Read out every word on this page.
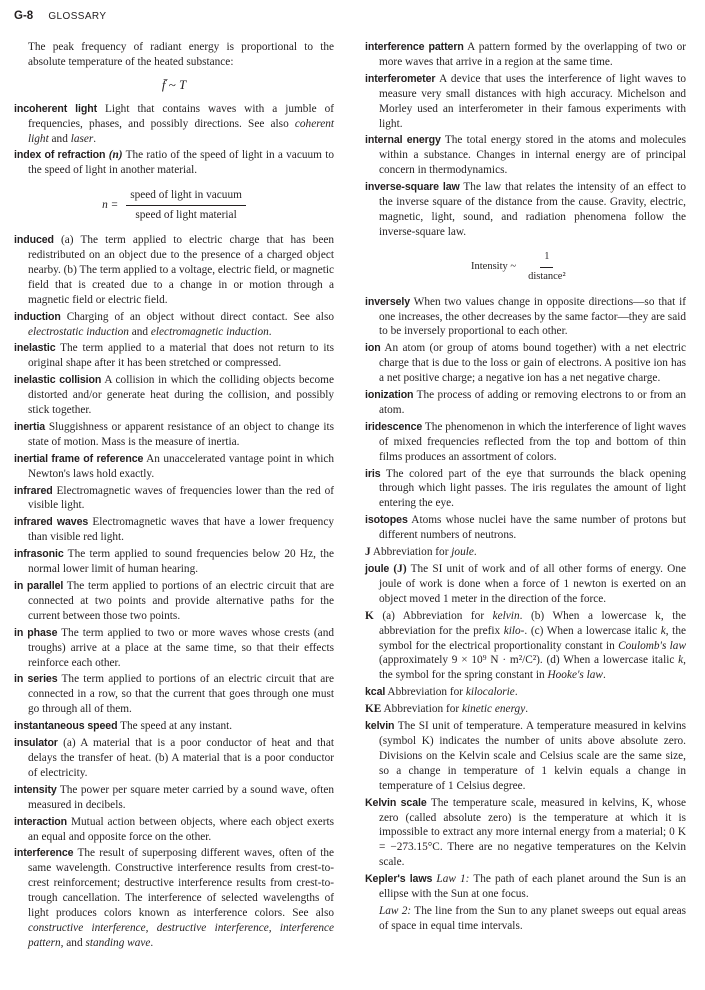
G-8 GLOSSARY

The peak frequency of radiant energy is proportional to the absolute temperature of the heated substance:

f̄ ~ T

incoherent light Light that contains waves with a jumble of frequencies, phases, and possibly directions. See also coherent light and laser.

index of refraction (n) The ratio of the speed of light in a vacuum to the speed of light in another material.

$n = \frac{\text{speed of light in vacuum}}{\text{speed of light material}}$

induced (a) The term applied to electric charge that has been redistributed on an object due to the presence of a charged object nearby. (b) The term applied to a voltage, electric field, or magnetic field that is created due to a change in or motion through a magnetic field or electric field.

induction Charging of an object without direct contact. See also electrostatic induction and electromagnetic induction.

inelastic The term applied to a material that does not return to its original shape after it has been stretched or compressed.

inelastic collision A collision in which the colliding objects become distorted and/or generate heat during the collision, and possibly stick together.

inertia Sluggishness or apparent resistance of an object to change its state of motion. Mass is the measure of inertia.

inertial frame of reference An unaccelerated vantage point in which Newton's laws hold exactly.

infrared Electromagnetic waves of frequencies lower than the red of visible light.

infrared waves Electromagnetic waves that have a lower frequency than visible red light.

infrasonic The term applied to sound frequencies below 20 Hz, the normal lower limit of human hearing.

in parallel The term applied to portions of an electric circuit that are connected at two points and provide alternative paths for the current between those two points.

in phase The term applied to two or more waves whose crests (and troughs) arrive at a place at the same time, so that their effects reinforce each other.

in series The term applied to portions of an electric circuit that are connected in a row, so that the current that goes through one must go through all of them.

instantaneous speed The speed at any instant.

insulator (a) A material that is a poor conductor of heat and that delays the transfer of heat. (b) A material that is a poor conductor of electricity.

intensity The power per square meter carried by a sound wave, often measured in decibels.

interaction Mutual action between objects, where each object exerts an equal and opposite force on the other.

interference The result of superposing different waves, often of the same wavelength. Constructive interference results from crest-to-crest reinforcement; destructive interference results from crest-to-trough cancellation. The interference of selected wavelengths of light produces colors known as interference colors. See also constructive interference, destructive interference, interference pattern, and standing wave.

interference pattern A pattern formed by the overlapping of two or more waves that arrive in a region at the same time.

interferometer A device that uses the interference of light waves to measure very small distances with high accuracy. Michelson and Morley used an interferometer in their famous experiments with light.

internal energy The total energy stored in the atoms and molecules within a substance. Changes in internal energy are of principal concern in thermodynamics.

inverse-square law The law that relates the intensity of an effect to the inverse square of the distance from the cause. Gravity, electric, magnetic, light, sound, and radiation phenomena follow the inverse-square law.

Intensity ~ $\frac{1}{\text{distance²}}$

inversely When two values change in opposite directions—so that if one increases, the other decreases by the same factor—they are said to be inversely proportional to each other.

ion An atom (or group of atoms bound together) with a net electric charge that is due to the loss or gain of electrons. A positive ion has a net positive charge; a negative ion has a net negative charge.

ionization The process of adding or removing electrons to or from an atom.

iridescence The phenomenon in which the interference of light waves of mixed frequencies reflected from the top and bottom of thin films produces an assortment of colors.

iris The colored part of the eye that surrounds the black opening through which light passes. The iris regulates the amount of light entering the eye.

isotopes Atoms whose nuclei have the same number of protons but different numbers of neutrons.

J Abbreviation for joule.

joule (J) The SI unit of work and of all other forms of energy. One joule of work is done when a force of 1 newton is exerted on an object moved 1 meter in the direction of the force.

K (a) Abbreviation for kelvin. (b) When a lowercase k, the abbreviation for the prefix kilo-. (c) When a lowercase italic k, the symbol for the electrical proportionality constant in Coulomb's law (approximately 9 × 10⁹ N · m²/C²). (d) When a lowercase italic k, the symbol for the spring constant in Hooke's law.

kcal Abbreviation for kilocalorie.

KE Abbreviation for kinetic energy.

kelvin The SI unit of temperature. A temperature measured in kelvins (symbol K) indicates the number of units above absolute zero. Divisions on the Kelvin scale and Celsius scale are the same size, so a change in temperature of 1 kelvin equals a change in temperature of 1 Celsius degree.

Kelvin scale The temperature scale, measured in kelvins, K, whose zero (called absolute zero) is the temperature at which it is impossible to extract any more internal energy from a material; 0 K = −273.15°C. There are no negative temperatures on the Kelvin scale.

Kepler's laws Law 1: The path of each planet around the Sun is an ellipse with the Sun at one focus.

Law 2: The line from the Sun to any planet sweeps out equal areas of space in equal time intervals.
